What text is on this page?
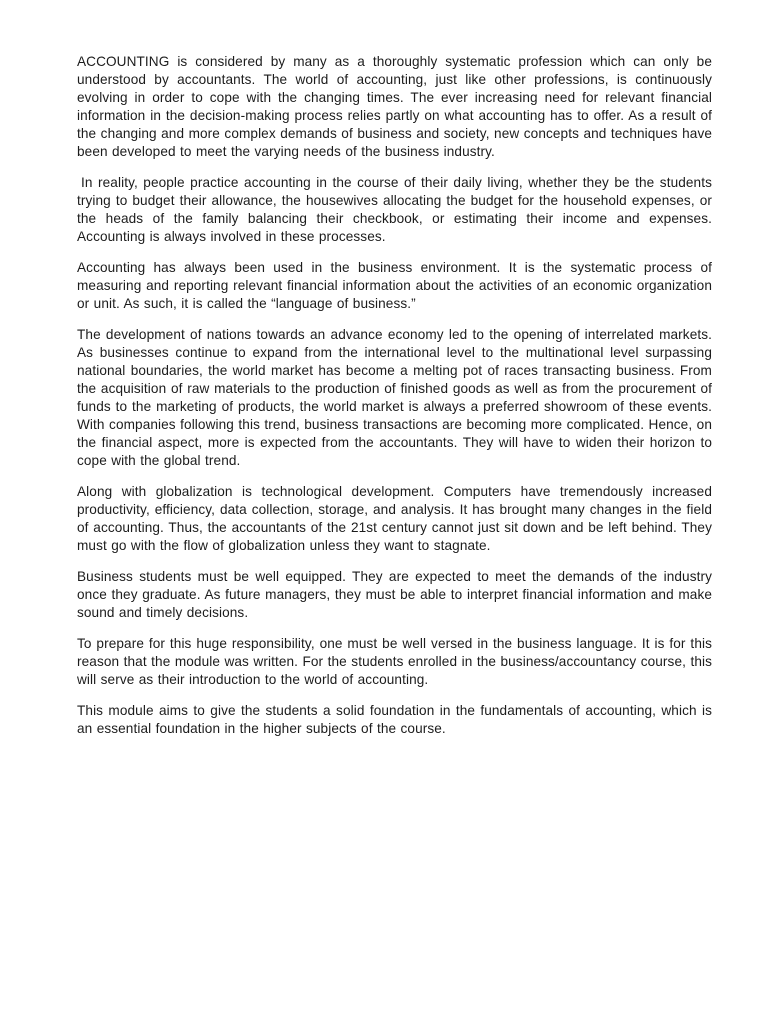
ACCOUNTING is considered by many as a thoroughly systematic profession which can only be understood by accountants. The world of accounting, just like other professions, is continuously evolving in order to cope with the changing times. The ever increasing need for relevant financial information in the decision-making process relies partly on what accounting has to offer. As a result of the changing and more complex demands of business and society, new concepts and techniques have been developed to meet the varying needs of the business industry.

In reality, people practice accounting in the course of their daily living, whether they be the students trying to budget their allowance, the housewives allocating the budget for the household expenses, or the heads of the family balancing their checkbook, or estimating their income and expenses. Accounting is always involved in these processes.

Accounting has always been used in the business environment. It is the systematic process of measuring and reporting relevant financial information about the activities of an economic organization or unit. As such, it is called the “language of business.”

The development of nations towards an advance economy led to the opening of interrelated markets. As businesses continue to expand from the international level to the multinational level surpassing national boundaries, the world market has become a melting pot of races transacting business. From the acquisition of raw materials to the production of finished goods as well as from the procurement of funds to the marketing of products, the world market is always a preferred showroom of these events. With companies following this trend, business transactions are becoming more complicated. Hence, on the financial aspect, more is expected from the accountants. They will have to widen their horizon to cope with the global trend.

Along with globalization is technological development. Computers have tremendously increased productivity, efficiency, data collection, storage, and analysis. It has brought many changes in the field of accounting. Thus, the accountants of the 21st century cannot just sit down and be left behind. They must go with the flow of globalization unless they want to stagnate.

Business students must be well equipped. They are expected to meet the demands of the industry once they graduate. As future managers, they must be able to interpret financial information and make sound and timely decisions.

To prepare for this huge responsibility, one must be well versed in the business language. It is for this reason that the module was written. For the students enrolled in the business/accountancy course, this will serve as their introduction to the world of accounting.

This module aims to give the students a solid foundation in the fundamentals of accounting, which is an essential foundation in the higher subjects of the course.
